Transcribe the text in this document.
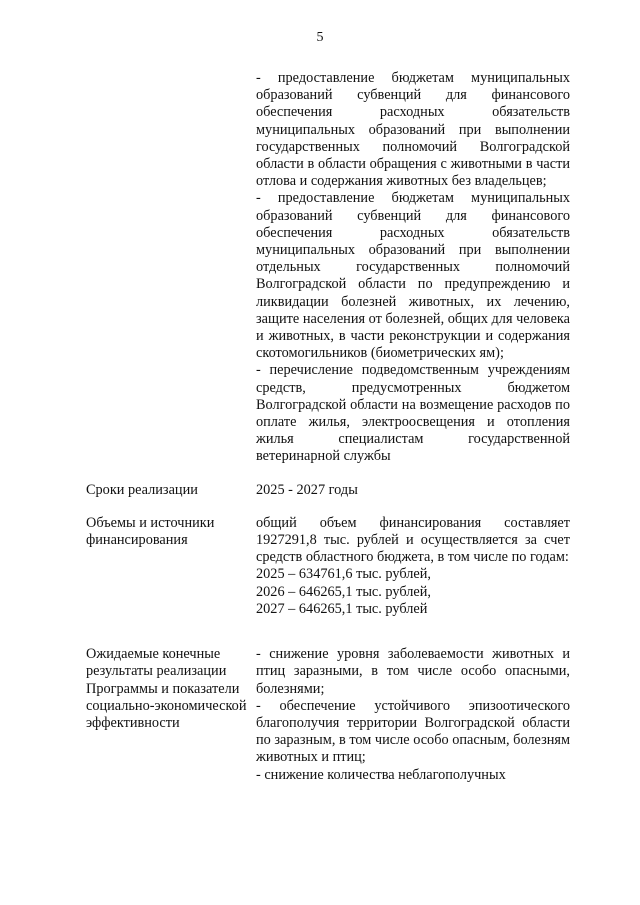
5

- предоставление бюджетам муниципальных образований субвенций для финансового обеспечения расходных обязательств муниципальных образований при выполнении государственных полномочий Волгоградской области в области обращения с животными в части отлова и содержания животных без владельцев;

- предоставление бюджетам муниципальных образований субвенций для финансового обеспечения расходных обязательств муниципальных образований при выполнении отдельных государственных полномочий Волгоградской области по предупреждению и ликвидации болезней животных, их лечению, защите населения от болезней, общих для человека и животных, в части реконструкции и содержания скотомогильников (биометрических ям);

- перечисление подведомственным учреждениям средств, предусмотренных бюджетом Волгоградской области на возмещение расходов по оплате жилья, электроосвещения и отопления жилья специалистам государственной ветеринарной службы

Сроки реализации	2025 - 2027 годы
Объемы и источники финансирования

общий объем финансирования составляет 1927291,8 тыс. рублей и осуществляется за счет средств областного бюджета, в том числе по годам:

2025 – 634761,6 тыс. рублей,

2026 – 646265,1 тыс. рублей,

2027 – 646265,1 тыс. рублей

Ожидаемые конечные результаты реализации Программы и показатели социально-экономической эффективности

- снижение уровня заболеваемости животных и птиц заразными, в том числе особо опасными, болезнями;

- обеспечение устойчивого эпизоотического благополучия территории Волгоградской области по заразным, в том числе особо опасным, болезням животных и птиц;

- снижение количества неблагополучных
